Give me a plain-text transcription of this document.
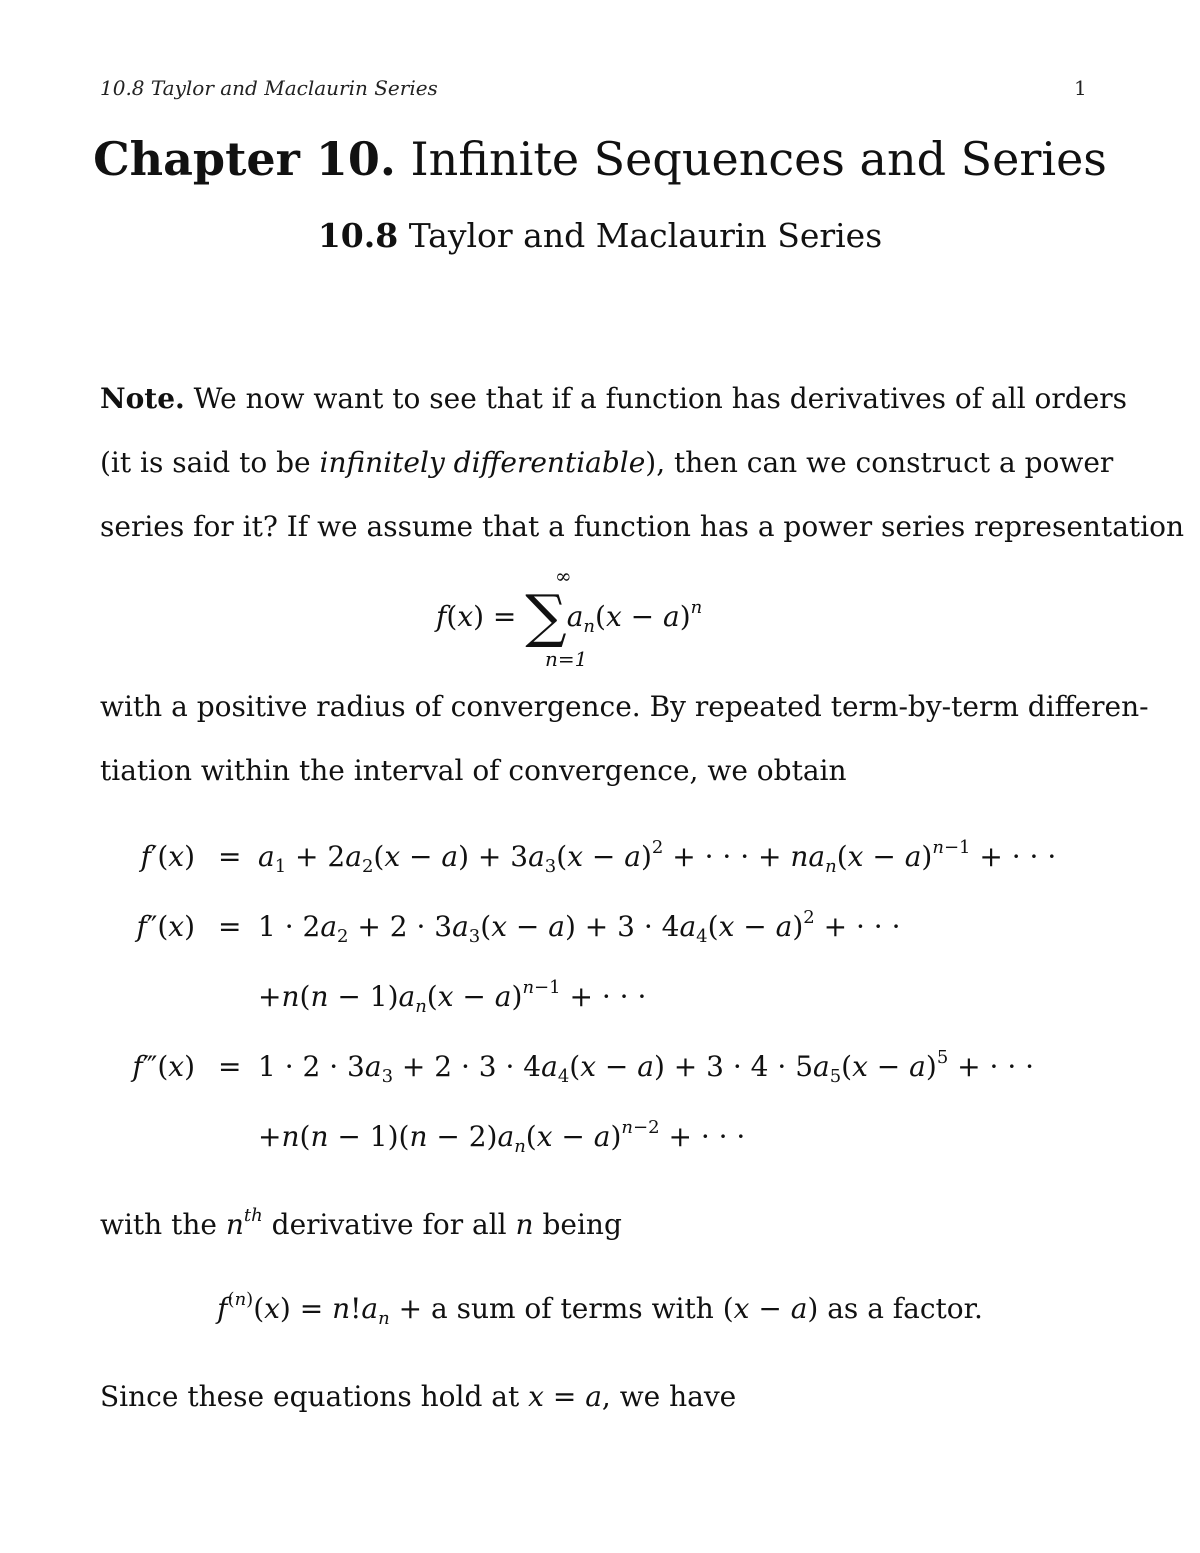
10.8 Taylor and Maclaurin Series	1
Chapter 10. Infinite Sequences and Series
10.8 Taylor and Maclaurin Series
Note. We now want to see that if a function has derivatives of all orders
(it is said to be infinitely differentiable), then can we construct a power
series for it? If we assume that a function has a power series representation
∞
$f(x) = \sum a_n(x - a)^n$
n=1
with a positive radius of convergence. By repeated term-by-term differen-
tiation within the interval of convergence, we obtain
$f'(x) = a_1 + 2a_2(x - a) + 3a_3(x - a)^2$ + · · · + $na_n(x - a)^{n-1}$ + · · ·
$f''(x) = 1 \cdot 2a_2 + 2 \cdot 3a_3(x - a) + 3 \cdot 4a_4(x - a)^2$ + · · ·
$+n(n - 1)a_n(x - a)^{n-1}$ + · · ·
f‴(x) = $1 \cdot 2 \cdot 3a_3 + 2 \cdot 3 \cdot 4a_4(x - a) + 3 \cdot 4 \cdot 5a_5(x - a)^5$ + · · ·
$+n(n - 1)(n - 2)a_n(x - a)^{n-2}$ + · · ·
with the $n^{th}$ derivative for all n being
$f^{(n)}(x) = n!a_n + a$ sum of terms with (x − a) as a factor.
Since these equations hold at x = a, we have
